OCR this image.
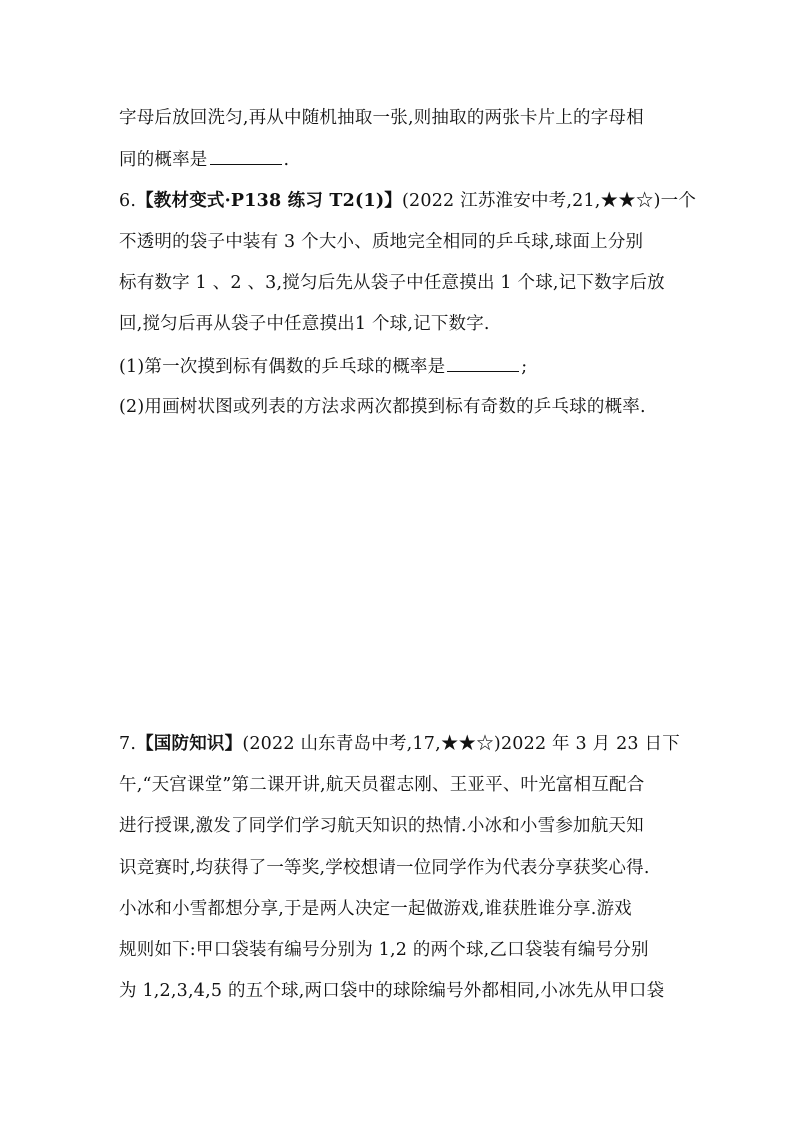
字母后放回洗匀,再从中随机抽取一张,则抽取的两张卡片上的字母相
同的概率是	.
6.【教材变式·P138 练习 T2(1)】(2022 江苏淮安中考,21,★★☆)一个
不透明的袋子中装有 3 个大小、质地完全相同的乒乓球,球面上分别
标有数字 1 、2 、3,搅匀后先从袋子中任意摸出 1 个球,记下数字后放
回,搅匀后再从袋子中任意摸出1 个球,记下数字.
(1)第一次摸到标有偶数的乒乓球的概率是	;
(2)用画树状图或列表的方法求两次都摸到标有奇数的乒乓球的概率.
7.【国防知识】(2022 山东青岛中考,17,★★☆)2022 年 3 月 23 日下
午,“天宫课堂”第二课开讲,航天员翟志刚、王亚平、叶光富相互配合
进行授课,激发了同学们学习航天知识的热情.小冰和小雪参加航天知
识竞赛时,均获得了一等奖,学校想请一位同学作为代表分享获奖心得.
小冰和小雪都想分享,于是两人决定一起做游戏,谁获胜谁分享.游戏
规则如下:甲口袋装有编号分别为 1,2 的两个球,乙口袋装有编号分别
为 1,2,3,4,5 的五个球,两口袋中的球除编号外都相同,小冰先从甲口袋
